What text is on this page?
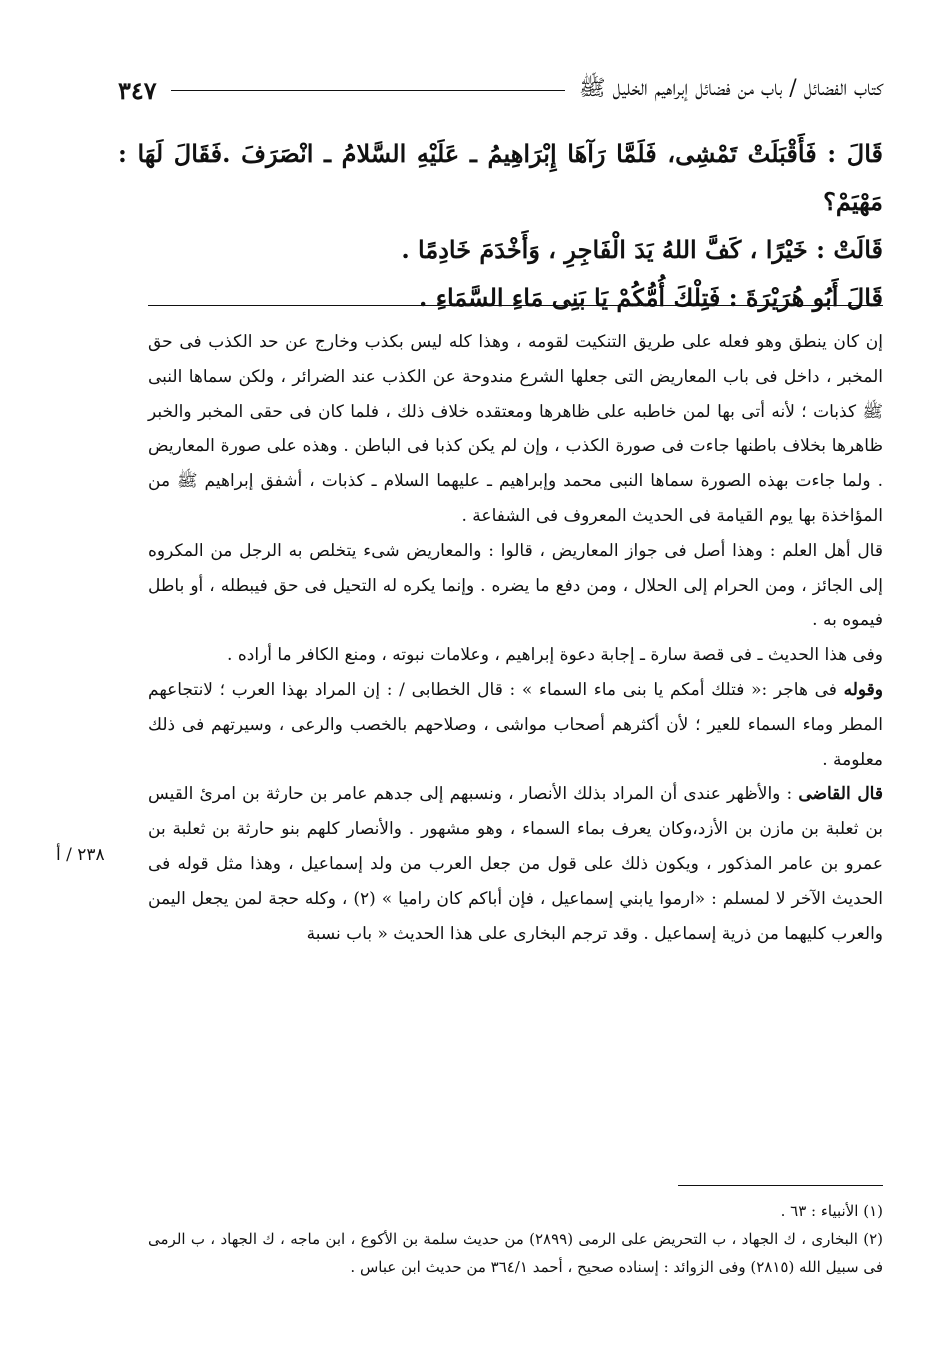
كتاب الفضائل / باب من فضائل إبراهيم الخليل ﷺ
٣٤٧

قَالَ : فَأَقْبَلَتْ تَمْشِى، فَلَمَّا رَآهَا إِبْرَاهِيمُ ـ عَلَيْهِ السَّلامُ ـ انْصَرَفَ .فَقَالَ لَهَا : مَهْيَمْ؟

قَالَتْ : خَيْرًا ، كَفَّ اللهُ يَدَ الْفَاجِرِ ، وَأَخْدَمَ خَادِمًا .

قَالَ أَبُو هُرَيْرَةَ : فَتِلْكَ أُمُّكُمْ يَا بَنِى مَاءِ السَّمَاءِ .

إن كان ينطق وهو فعله على طريق التنكيت لقومه ، وهذا كله ليس بكذب وخارج عن حد الكذب فى حق المخبر ، داخل فى باب المعاريض التى جعلها الشرع مندوحة عن الكذب عند الضرائر ، ولكن سماها النبى ﷺ كذبات ؛ لأنه أتى بها لمن خاطبه على ظاهرها ومعتقده خلاف ذلك ، فلما كان فى حقى المخبر والخبر ظاهرها بخلاف باطنها جاءت فى صورة الكذب ، وإن لم يكن كذبا فى الباطن . وهذه على صورة المعاريض . ولما جاءت بهذه الصورة سماها النبى محمد وإبراهيم ـ عليهما السلام ـ كذبات ، أشفق إبراهيم ﷺ من المؤاخذة بها يوم القيامة فى الحديث المعروف فى الشفاعة .

قال أهل العلم : وهذا أصل فى جواز المعاريض ، قالوا : والمعاريض شىء يتخلص به الرجل من المكروه إلى الجائز ، ومن الحرام إلى الحلال ، ومن دفع ما يضره . وإنما يكره له التحيل فى حق فيبطله ، أو باطل فيموه به .

وفى هذا الحديث ـ فى قصة سارة ـ إجابة دعوة إبراهيم ، وعلامات نبوته ، ومنع الكافر ما أراده .

وقوله فى هاجر :« فتلك أمكم يا بنى ماء السماء » : قال الخطابى / : إن المراد بهذا العرب ؛ لانتجاعهم المطر وماء السماء للعير ؛ لأن أكثرهم أصحاب مواشى ، وصلاحهم بالخصب والرعى ، وسيرتهم فى ذلك معلومة .

قال القاضى : والأظهر عندى أن المراد بذلك الأنصار ، ونسبهم إلى جدهم عامر بن حارثة بن امرئ القيس بن ثعلبة بن مازن بن الأزد،وكان يعرف بماء السماء ، وهو مشهور . والأنصار كلهم بنو حارثة بن ثعلبة بن عمرو بن عامر المذكور ، ويكون ذلك على قول من جعل العرب من ولد إسماعيل ، وهذا مثل قوله فى الحديث الآخر لا لمسلم : «ارموا يابني إسماعيل ، فإن أباكم كان راميا » (٢) ، وكله حجة لمن يجعل اليمن والعرب كليهما من ذرية إسماعيل . وقد ترجم البخارى على هذا الحديث « باب نسبة

٢٣٨ / أ

(١) الأنبياء : ٦٣ .

(٢) البخارى ، ك الجهاد ، ب التحريض على الرمى (٢٨٩٩) من حديث سلمة بن الأكوع ، ابن ماجه ، ك الجهاد ، ب الرمى فى سبيل الله (٢٨١٥) وفى الزوائد : إسناده صحيح ، أحمد ٣٦٤/١ من حديث ابن عباس .
